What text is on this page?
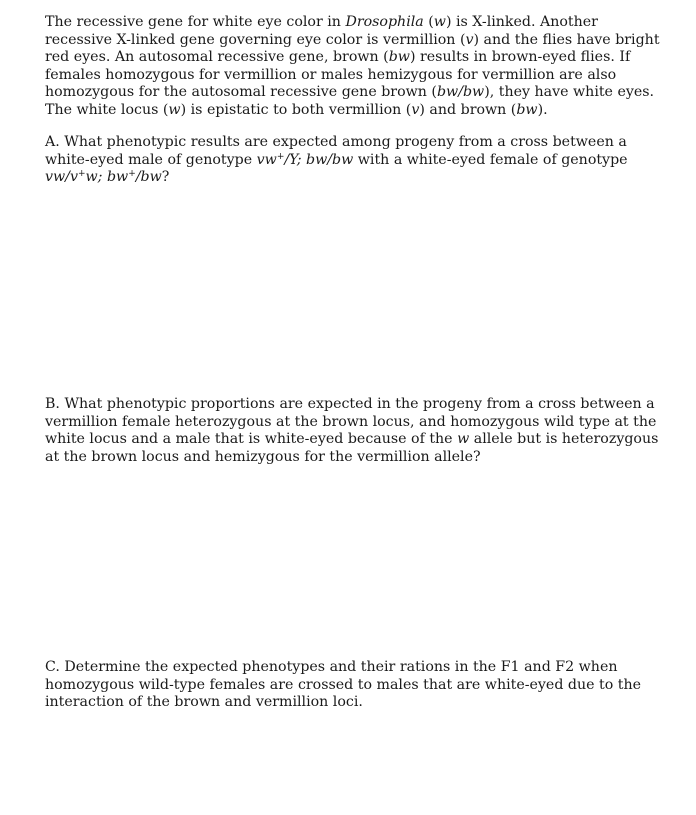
The recessive gene for white eye color in Drosophila (w) is X-linked. Another recessive X-linked gene governing eye color is vermillion (v) and the flies have bright red eyes. An autosomal recessive gene, brown (bw) results in brown-eyed flies. If females homozygous for vermillion or males hemizygous for vermillion are also homozygous for the autosomal recessive gene brown (bw/bw), they have white eyes. The white locus (w) is epistatic to both vermillion (v) and brown (bw).

A. What phenotypic results are expected among progeny from a cross between a white-eyed male of genotype vw+/Y; bw/bw with a white-eyed female of genotype vw/v+w; bw+/bw?

B. What phenotypic proportions are expected in the progeny from a cross between a vermillion female heterozygous at the brown locus, and homozygous wild type at the white locus and a male that is white-eyed because of the w allele but is heterozygous at the brown locus and hemizygous for the vermillion allele?

C. Determine the expected phenotypes and their rations in the F1 and F2 when homozygous wild-type females are crossed to males that are white-eyed due to the interaction of the brown and vermillion loci.
